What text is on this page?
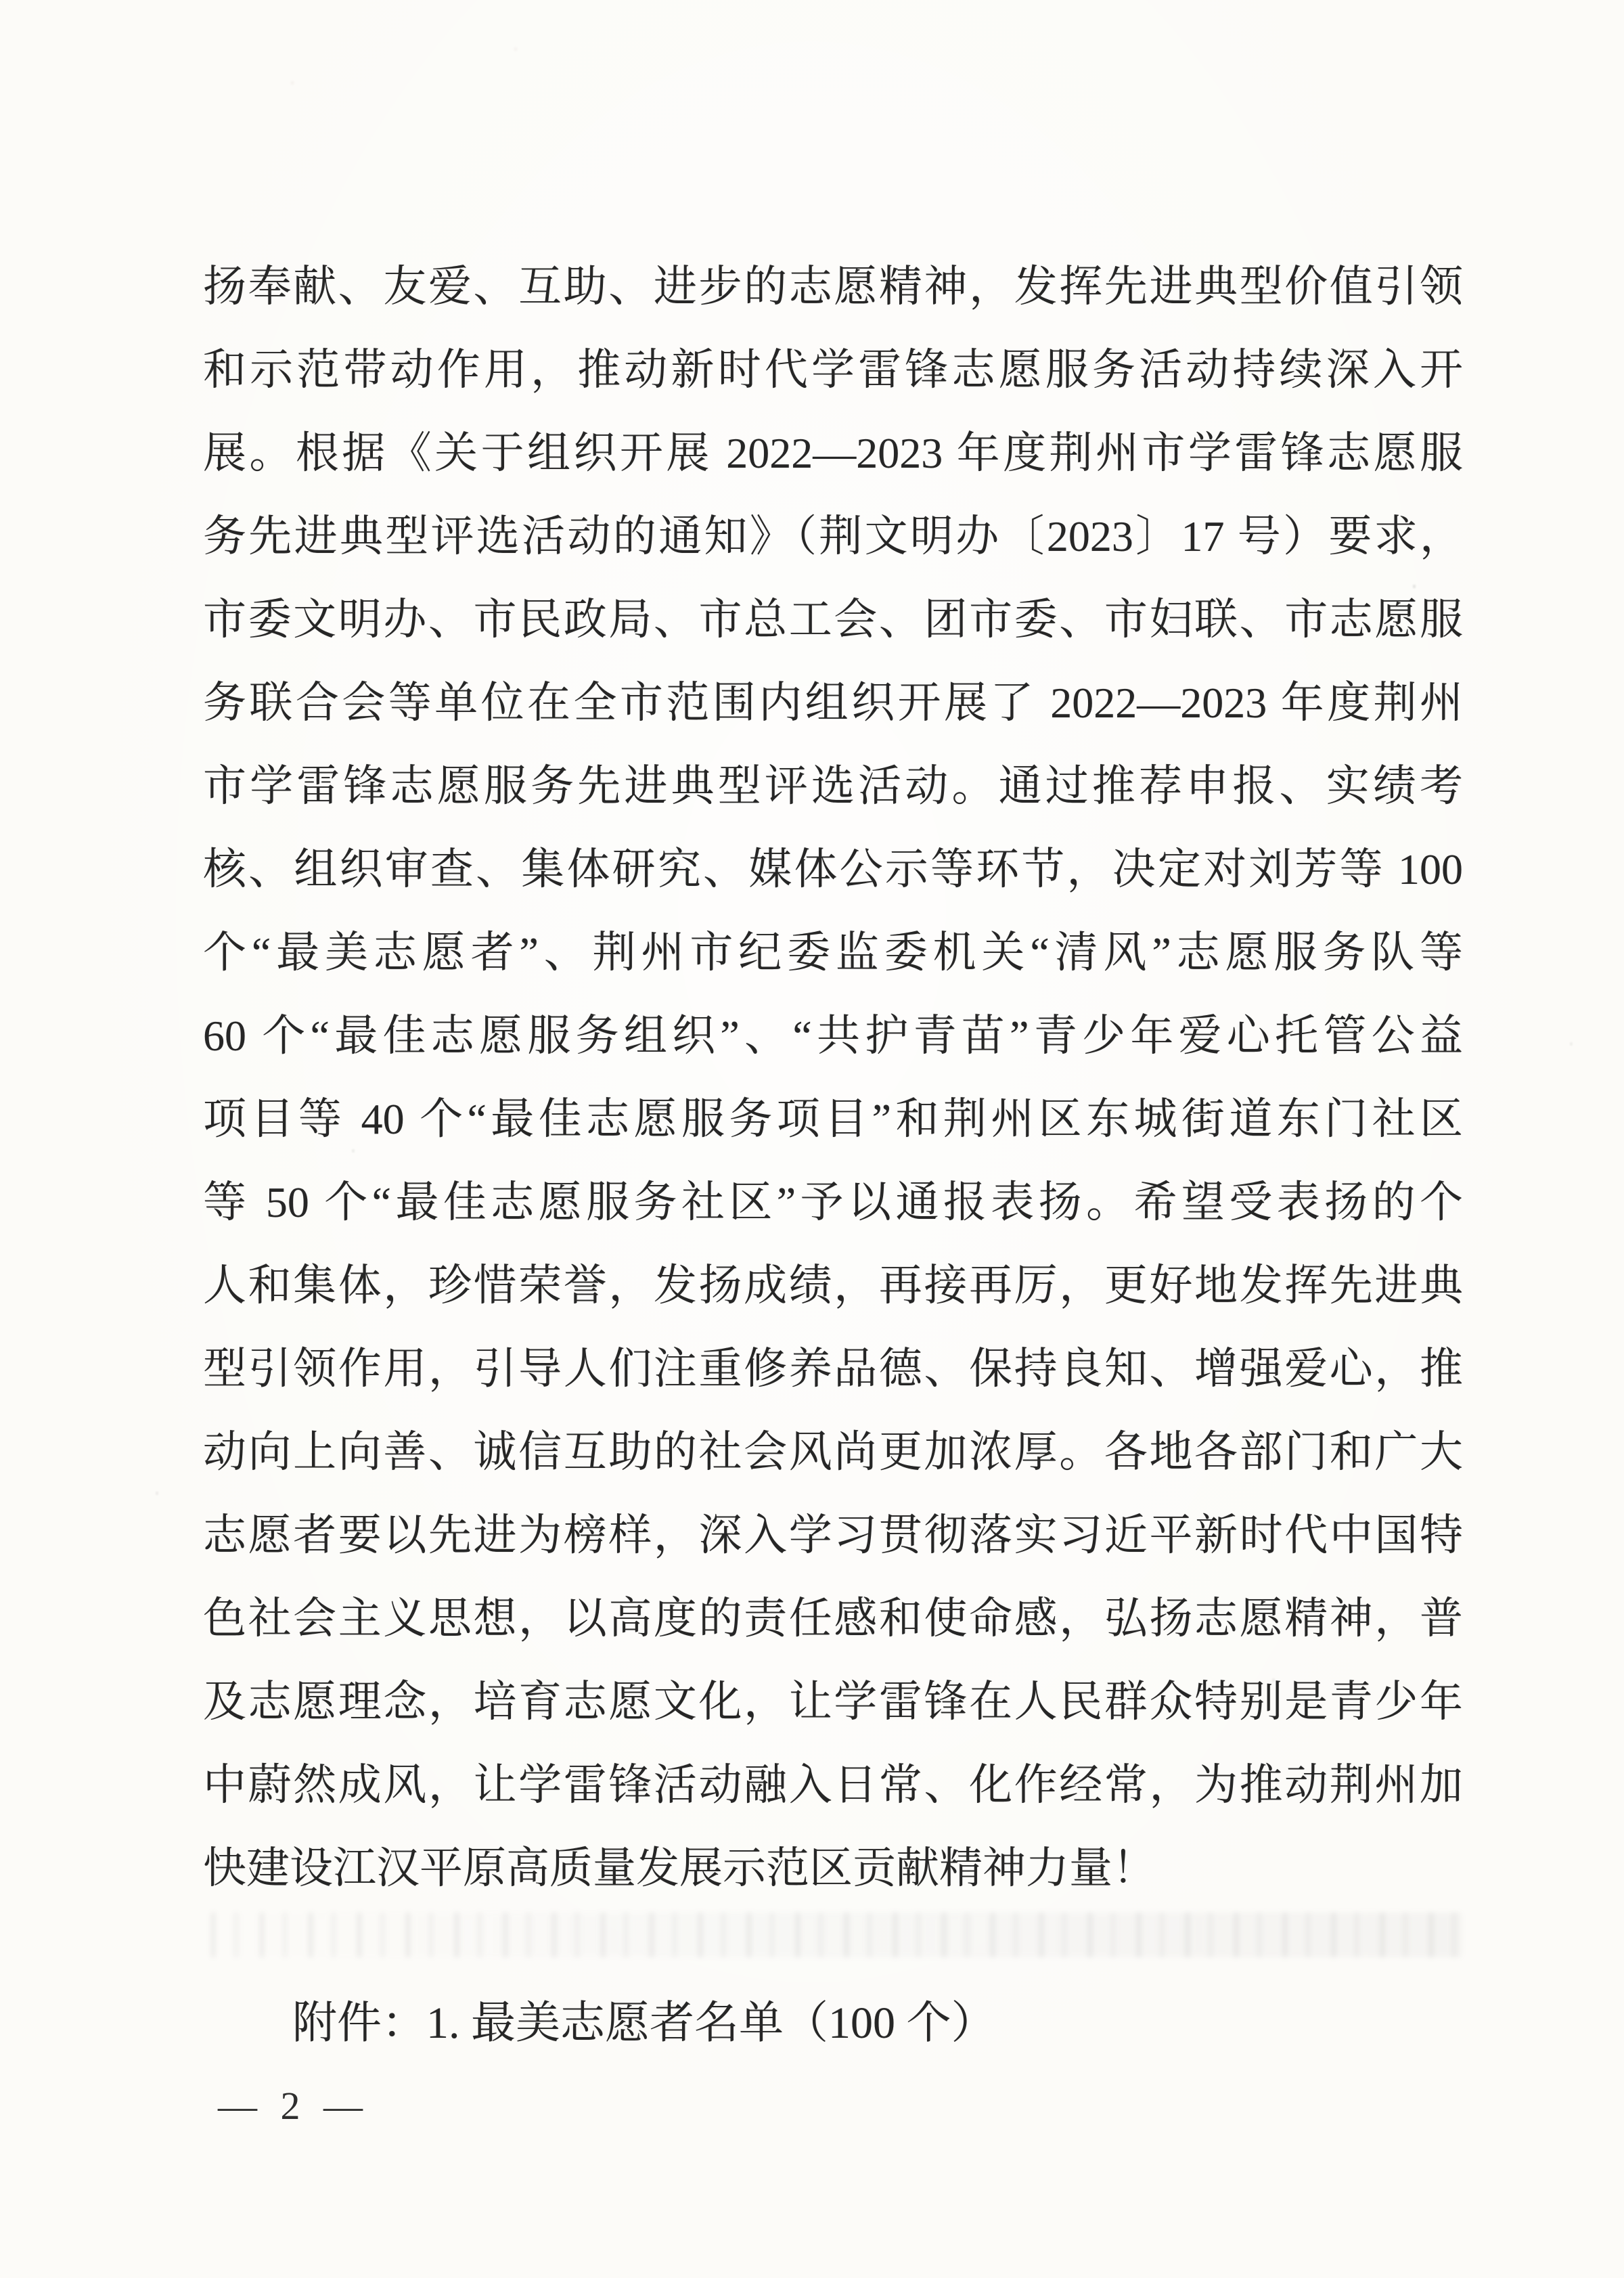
扬奉献、友爱、互助、进步的志愿精神，发挥先进典型价值引领
和示范带动作用，推动新时代学雷锋志愿服务活动持续深入开
展。根据《关于组织开展 2022—2023 年度荆州市学雷锋志愿服
务先进典型评选活动的通知》（荆文明办〔2023〕17 号）要求，
市委文明办、市民政局、市总工会、团市委、市妇联、市志愿服
务联合会等单位在全市范围内组织开展了 2022—2023 年度荆州
市学雷锋志愿服务先进典型评选活动。通过推荐申报、实绩考
核、组织审查、集体研究、媒体公示等环节，决定对刘芳等 100
个“最美志愿者”、荆州市纪委监委机关“清风”志愿服务队等
60 个“最佳志愿服务组织”、“共护青苗”青少年爱心托管公益
项目等 40 个“最佳志愿服务项目”和荆州区东城街道东门社区
等 50 个“最佳志愿服务社区”予以通报表扬。希望受表扬的个
人和集体，珍惜荣誉，发扬成绩，再接再厉，更好地发挥先进典
型引领作用，引导人们注重修养品德、保持良知、增强爱心，推
动向上向善、诚信互助的社会风尚更加浓厚。各地各部门和广大
志愿者要以先进为榜样，深入学习贯彻落实习近平新时代中国特
色社会主义思想，以高度的责任感和使命感，弘扬志愿精神，普
及志愿理念，培育志愿文化，让学雷锋在人民群众特别是青少年
中蔚然成风，让学雷锋活动融入日常、化作经常，为推动荆州加
快建设江汉平原高质量发展示范区贡献精神力量！
附件：1. 最美志愿者名单（100 个）
— 2 —
